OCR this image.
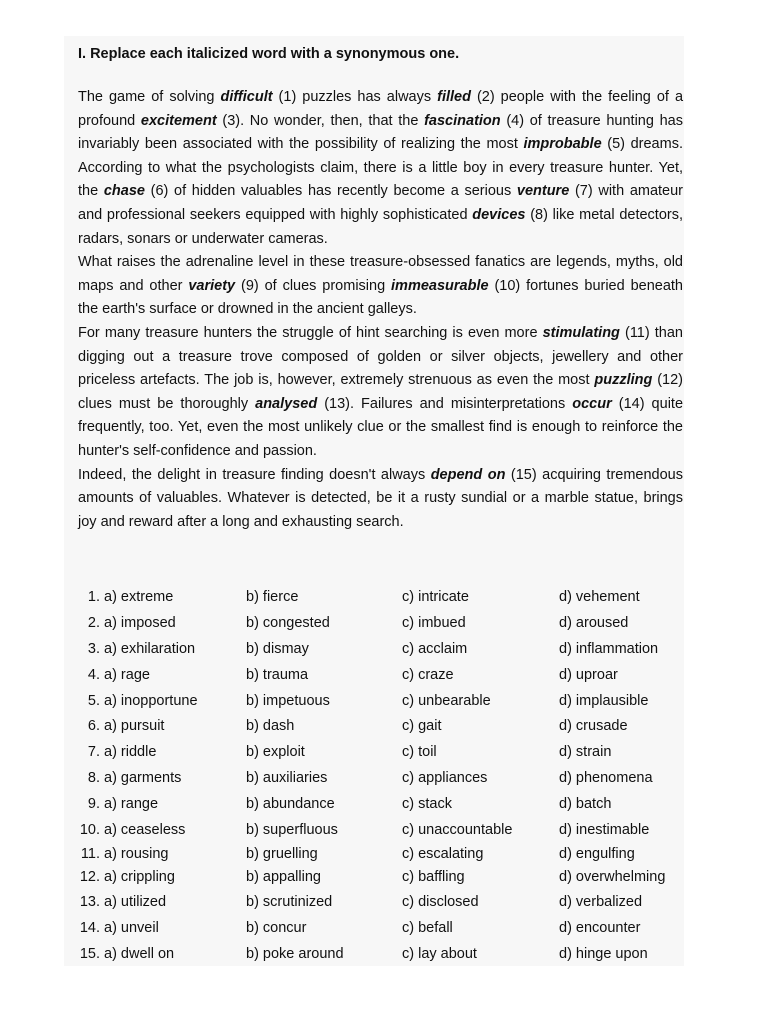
I. Replace each italicized word with a synonymous one.

The game of solving difficult (1) puzzles has always filled (2) people with the feeling of a profound excitement (3). No wonder, then, that the fascination (4) of treasure hunting has invariably been associated with the possibility of realizing the most improbable (5) dreams. According to what the psychologists claim, there is a little boy in every treasure hunter. Yet, the chase (6) of hidden valuables has recently become a serious venture (7) with amateur and professional seekers equipped with highly sophisticated devices (8) like metal detectors, radars, sonars or underwater cameras.

What raises the adrenaline level in these treasure-obsessed fanatics are legends, myths, old maps and other variety (9) of clues promising immeasurable (10) fortunes buried beneath the earth's surface or drowned in the ancient galleys.

For many treasure hunters the struggle of hint searching is even more stimulating (11) than digging out a treasure trove composed of golden or silver objects, jewellery and other priceless artefacts. The job is, however, extremely strenuous as even the most puzzling (12) clues must be thoroughly analysed (13). Failures and misinterpretations occur (14) quite frequently, too. Yet, even the most unlikely clue or the smallest find is enough to reinforce the hunter's self-confidence and passion.

Indeed, the delight in treasure finding doesn't always depend on (15) acquiring tremendous amounts of valuables. Whatever is detected, be it a rusty sundial or a marble statue, brings joy and reward after a long and exhausting search.

1. a) extreme	b) fierce	c) intricate	d) vehement
2. a) imposed	b) congested	c) imbued	d) aroused
3. a) exhilaration	b) dismay	c) acclaim	d) inflammation
4. a) rage	b) trauma	c) craze	d) uproar
5. a) inopportune	b) impetuous	c) unbearable	d) implausible
6. a) pursuit	b) dash	c) gait	d) crusade
7. a) riddle	b) exploit	c) toil	d) strain
8. a) garments	b) auxiliaries	c) appliances	d) phenomena
9. a) range	b) abundance	c) stack	d) batch
10. a) ceaseless	b) superfluous	c) unaccountable	d) inestimable
11. a) rousing	b) gruelling	c) escalating	d) engulfing
12. a) crippling	b) appalling	c) baffling	d) overwhelming
13. a) utilized	b) scrutinized	c) disclosed	d) verbalized
14. a) unveil	b) concur	c) befall	d) encounter
15. a) dwell on	b) poke around	c) lay about	d) hinge upon
